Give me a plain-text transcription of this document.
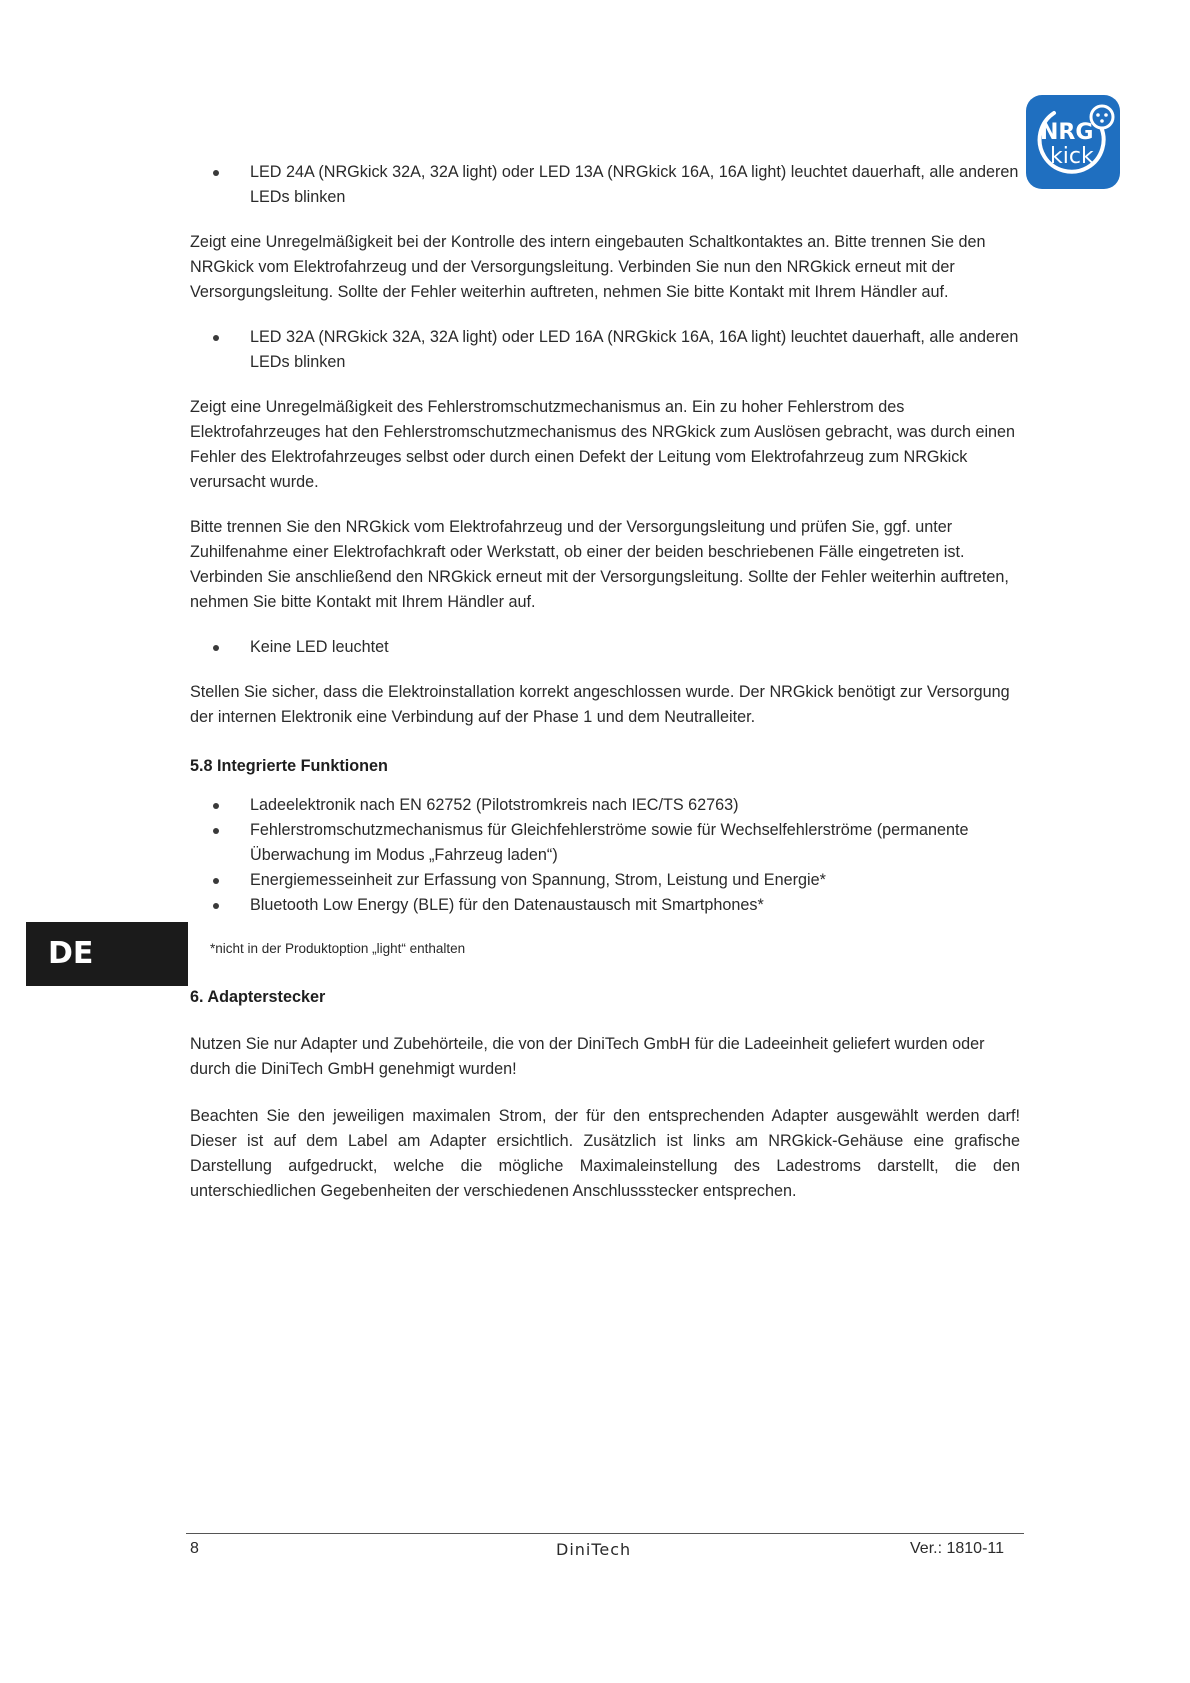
NRG
kick
LED 24A (NRGkick 32A, 32A light) oder LED 13A (NRGkick 16A, 16A light) leuchtet dauerhaft, alle anderen LEDs blinken

Zeigt eine Unregelmäßigkeit bei der Kontrolle des intern eingebauten Schaltkontaktes an. Bitte trennen Sie den NRGkick vom Elektrofahrzeug und der Versorgungsleitung. Verbinden Sie nun den NRGkick erneut mit der Versorgungsleitung. Sollte der Fehler weiterhin auftreten, nehmen Sie bitte Kontakt mit Ihrem Händler auf.

LED 32A (NRGkick 32A, 32A light) oder LED 16A (NRGkick 16A, 16A light) leuchtet dauerhaft, alle anderen LEDs blinken

Zeigt eine Unregelmäßigkeit des Fehlerstromschutzmechanismus an. Ein zu hoher Fehlerstrom des Elektrofahrzeuges hat den Fehlerstromschutzmechanismus des NRGkick zum Auslösen gebracht, was durch einen Fehler des Elektrofahrzeuges selbst oder durch einen Defekt der Leitung vom Elektrofahrzeug zum NRGkick verursacht wurde.

Bitte trennen Sie den NRGkick vom Elektrofahrzeug und der Versorgungsleitung und prüfen Sie, ggf. unter Zuhilfenahme einer Elektrofachkraft oder Werkstatt, ob einer der beiden beschriebenen Fälle eingetreten ist. Verbinden Sie anschließend den NRGkick erneut mit der Versorgungsleitung. Sollte der Fehler weiterhin auftreten, nehmen Sie bitte Kontakt mit Ihrem Händler auf.

Keine LED leuchtet

Stellen Sie sicher, dass die Elektroinstallation korrekt angeschlossen wurde. Der NRGkick benötigt zur Versorgung der internen Elektronik eine Verbindung auf der Phase 1 und dem Neutralleiter.

5.8 Integrierte Funktionen
Ladeelektronik nach EN 62752 (Pilotstromkreis nach IEC/TS 62763)
Fehlerstromschutzmechanismus für Gleichfehlerströme sowie für Wechselfehlerströme (permanente Überwachung im Modus „Fahrzeug laden“)
Energiemesseinheit zur Erfassung von Spannung, Strom, Leistung und Energie*
Bluetooth Low Energy (BLE) für den Datenaustausch mit Smartphones*
*nicht in der Produktoption „light“ enthalten
6. Adapterstecker

Nutzen Sie nur Adapter und Zubehörteile, die von der DiniTech GmbH für die Ladeeinheit geliefert wurden oder durch die DiniTech GmbH genehmigt wurden!

Beachten Sie den jeweiligen maximalen Strom, der für den entsprechenden Adapter ausgewählt werden darf! Dieser ist auf dem Label am Adapter ersichtlich. Zusätzlich ist links am NRGkick-Gehäuse eine grafische Darstellung aufgedruckt, welche die mögliche Maximaleinstellung des Ladestroms darstellt, die den unterschiedlichen Gegebenheiten der verschiedenen Anschlussstecker entsprechen.

DE
8	DiniTech	Ver.: 1810-11
